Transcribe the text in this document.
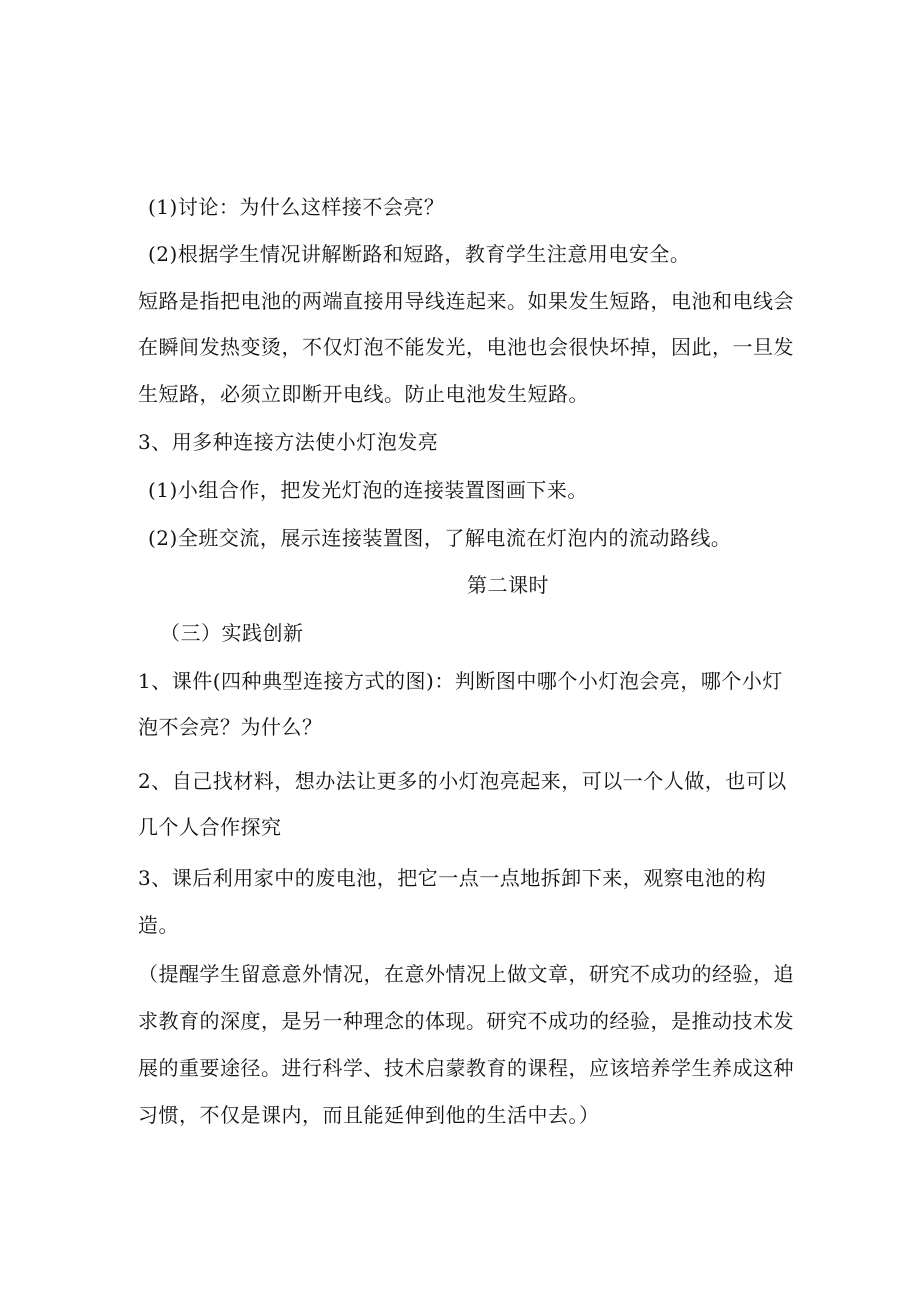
(1)讨论：为什么这样接不会亮？
(2)根据学生情况讲解断路和短路，教育学生注意用电安全。
短路是指把电池的两端直接用导线连起来。如果发生短路，电池和电线会
在瞬间发热变烫，不仅灯泡不能发光，电池也会很快坏掉，因此，一旦发
生短路，必须立即断开电线。防止电池发生短路。
3、用多种连接方法使小灯泡发亮
(1)小组合作，把发光灯泡的连接装置图画下来。
(2)全班交流，展示连接装置图，了解电流在灯泡内的流动路线。
第二课时
（三）实践创新
1、课件(四种典型连接方式的图)：判断图中哪个小灯泡会亮，哪个小灯
泡不会亮？为什么？
2、自己找材料，想办法让更多的小灯泡亮起来，可以一个人做，也可以
几个人合作探究
3、课后利用家中的废电池，把它一点一点地拆卸下来，观察电池的构
造。
（提醒学生留意意外情况，在意外情况上做文章，研究不成功的经验，追
求教育的深度，是另一种理念的体现。研究不成功的经验，是推动技术发
展的重要途径。进行科学、技术启蒙教育的课程，应该培养学生养成这种
习惯，不仅是课内，而且能延伸到他的生活中去。）
